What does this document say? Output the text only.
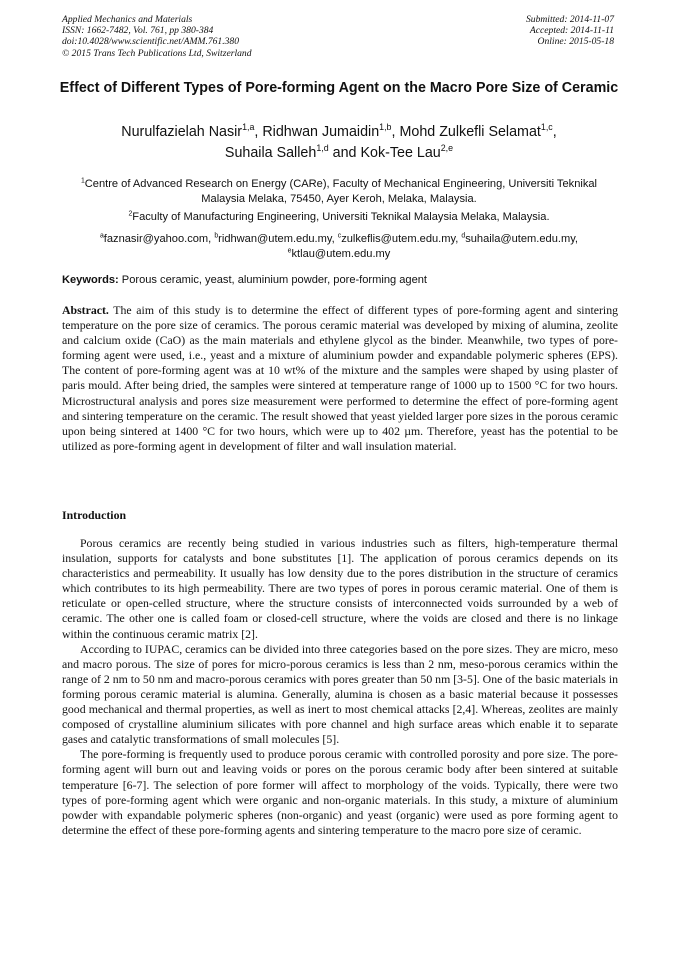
Applied Mechanics and Materials
ISSN: 1662-7482, Vol. 761, pp 380-384
doi:10.4028/www.scientific.net/AMM.761.380
© 2015 Trans Tech Publications Ltd, Switzerland
Submitted: 2014-11-07
Accepted: 2014-11-11
Online: 2015-05-18
Effect of Different Types of Pore-forming Agent on the Macro Pore Size of Ceramic
Nurulfazielah Nasir$^{1,a}$, Ridhwan Jumaidin$^{1,b}$, Mohd Zulkefli Selamat$^{1,c}$,
Suhaila Salleh$^{1,d}$ and Kok-Tee Lau$^{2,e}$
$^1$Centre of Advanced Research on Energy (CARe), Faculty of Mechanical Engineering, Universiti Teknikal Malaysia Melaka, 75450, Ayer Keroh, Melaka, Malaysia.
$^2$Faculty of Manufacturing Engineering, Universiti Teknikal Malaysia Melaka, Malaysia.
$^a$faznasir@yahoo.com, $^b$ridhwan@utem.edu.my, $^c$zulkeflis@utem.edu.my, $^d$suhaila@utem.edu.my,
$^e$ktlau@utem.edu.my
Keywords: Porous ceramic, yeast, aluminium powder, pore-forming agent
Abstract. The aim of this study is to determine the effect of different types of pore-forming agent and sintering temperature on the pore size of ceramics. The porous ceramic material was developed by mixing of alumina, zeolite and calcium oxide (CaO) as the main materials and ethylene glycol as the binder. Meanwhile, two types of pore-forming agent were used, i.e., yeast and a mixture of aluminium powder and expandable polymeric spheres (EPS). The content of pore-forming agent was at 10 wt% of the mixture and the samples were shaped by using plaster of paris mould. After being dried, the samples were sintered at temperature range of 1000 up to 1500 °C for two hours. Microstructural analysis and pores size measurement were performed to determine the effect of pore-forming agent and sintering temperature on the ceramic. The result showed that yeast yielded larger pore sizes in the porous ceramic upon being sintered at 1400 °C for two hours, which were up to 402 µm. Therefore, yeast has the potential to be utilized as pore-forming agent in development of filter and wall insulation material.
Introduction

Porous ceramics are recently being studied in various industries such as filters, high-temperature thermal insulation, supports for catalysts and bone substitutes [1]. The application of porous ceramics depends on its characteristics and permeability. It usually has low density due to the pores distribution in the structure of ceramics which contributes to its high permeability. There are two types of pores in porous ceramic material. One of them is reticulate or open-celled structure, where the structure consists of interconnected voids surrounded by a web of ceramic. The other one is called foam or closed-cell structure, where the voids are closed and there is no linkage within the continuous ceramic matrix [2].

According to IUPAC, ceramics can be divided into three categories based on the pore sizes. They are micro, meso and macro porous. The size of pores for micro-porous ceramics is less than 2 nm, meso-porous ceramics within the range of 2 nm to 50 nm and macro-porous ceramics with pores greater than 50 nm [3-5]. One of the basic materials in forming porous ceramic material is alumina. Generally, alumina is chosen as a basic material because it possesses good mechanical and thermal properties, as well as inert to most chemical attacks [2,4]. Whereas, zeolites are mainly composed of crystalline aluminium silicates with pore channel and high surface areas which enable it to separate gases and catalytic transformations of small molecules [5].

The pore-forming is frequently used to produce porous ceramic with controlled porosity and pore size. The pore-forming agent will burn out and leaving voids or pores on the porous ceramic body after been sintered at suitable temperature [6-7]. The selection of pore former will affect to morphology of the voids. Typically, there were two types of pore-forming agent which were organic and non-organic materials. In this study, a mixture of aluminium powder with expandable polymeric spheres (non-organic) and yeast (organic) were used as pore forming agent to determine the effect of these pore-forming agents and sintering temperature to the macro pore size of ceramic.
